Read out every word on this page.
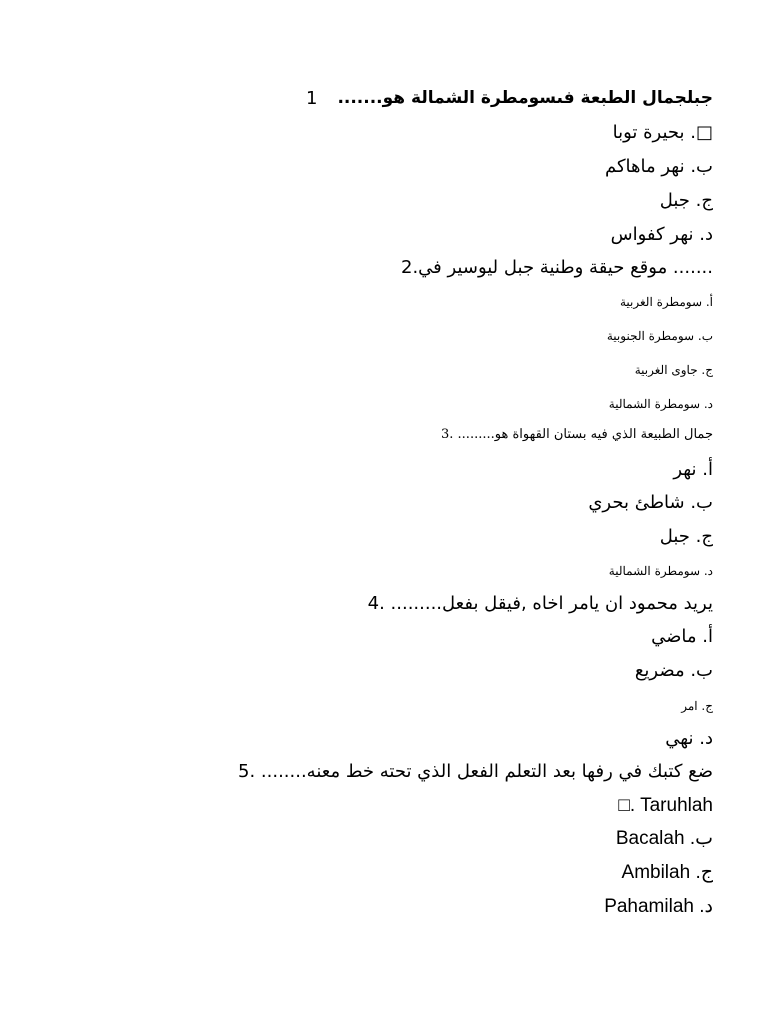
1 جبلجمال الطبعة فىسومطرة الشمالة هو.......
□. بحيرة توبا
ب. نهر ماهاكم
ج. جبل
د. نهر كفواس
....... موقع حيقة وطنية جبل ليوسير في.2
أ. سومطرة الغربية
ب. سومطرة الجنوبية
ج. جاوى الغربية
د. سومطرة الشمالية
جمال الطبيعة الذي فيه بستان القهواة هو......... .3
أ. نهر
ب. شاطئ بحري
ج. جبل
د. سومطرة الشمالية
يريد محمود ان يامر اخاه ,فيقل بفعل......... .4
أ. ماضي
ب. مضريع
ج. امر
د. نهي
ضع كتبك في رفها بعد التعلم الفعل الذي تحته خط معنه........ .5
□. Taruhlah
ب. Bacalah
ج. Ambilah
د. Pahamilah
